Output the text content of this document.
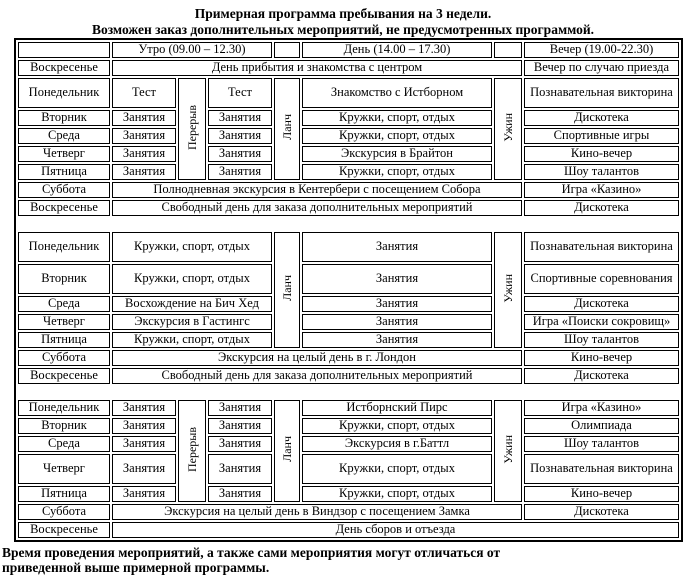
Примерная программа пребывания на 3 недели.
Возможен заказ дополнительных мероприятий, не предусмотренных программой.
	Утро (09.00 – 12.30)				День (14.00 – 17.30)		Вечер (19.00-22.30)
Воскресенье	День прибытия и знакомства с центром						Вечер по случаю приезда
Понедельник	Тест	Перерыв	Тест	Ланч	Знакомство с Истборном	Ужин	Познавательная викторина
Вторник	Занятия		Занятия		Кружки, спорт, отдых		Дискотека
Среда	Занятия		Занятия		Кружки, спорт, отдых		Спортивные игры
Четверг	Занятия		Занятия		Экскурсия в Брайтон		Кино-вечер
Пятница	Занятия		Занятия		Кружки, спорт, отдых		Шоу талантов
Суббота	Полнодневная экскурсия в Кентербери с посещением Собора						Игра «Казино»
Воскресенье	Свободный день для заказа дополнительных мероприятий						Дискотека

Понедельник	Кружки, спорт, отдых			Ланч	Занятия	Ужин	Познавательная викторина
Вторник	Кружки, спорт, отдых				Занятия		Спортивные соревнования
Среда	Восхождение на Бич Хед				Занятия		Дискотека
Четверг	Экскурсия в Гастингс				Занятия		Игра «Поиски сокровищ»
Пятница	Кружки, спорт, отдых				Занятия		Шоу талантов
Суббота	Экскурсия на целый день в г. Лондон						Кино-вечер
Воскресенье	Свободный день для заказа дополнительных мероприятий						Дискотека

Понедельник	Занятия	Перерыв	Занятия	Ланч	Истборнский Пирс	Ужин	Игра «Казино»
Вторник	Занятия		Занятия		Кружки, спорт, отдых		Олимпиада
Среда	Занятия		Занятия		Экскурсия в г.Баттл		Шоу талантов
Четверг	Занятия		Занятия		Кружки, спорт, отдых		Познавательная викторина
Пятница	Занятия		Занятия		Кружки, спорт, отдых		Кино-вечер
Суббота	Экскурсия на целый день в Виндзор с посещением Замка						Дискотека
Воскресенье	День сборов и отъезда						
Время проведения мероприятий, а также сами мероприятия могут отличаться от
приведенной выше примерной программы.
